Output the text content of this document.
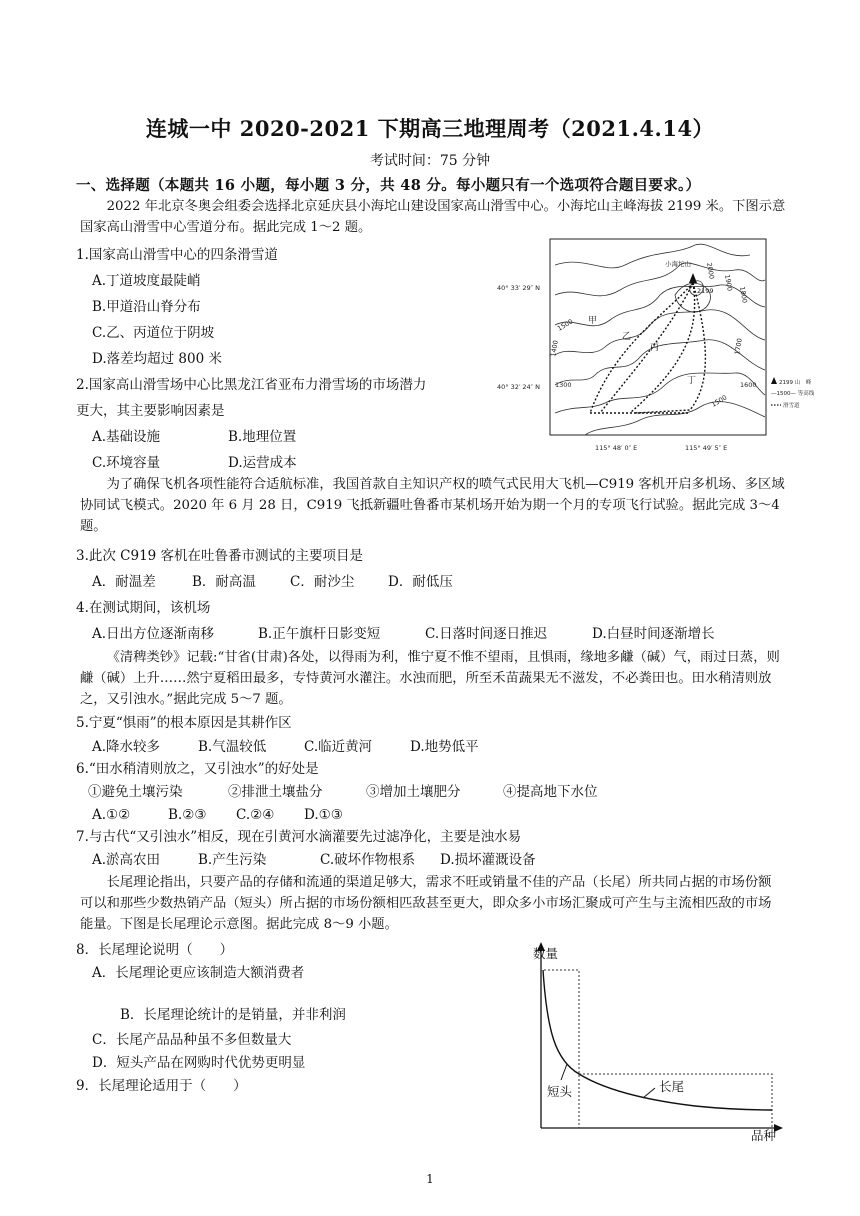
连城一中 2020-2021 下期高三地理周考（2021.4.14）
考试时间：75 分钟
一、选择题（本题共 16 小题，每小题 3 分，共 48 分。每小题只有一个选项符合题目要求。）
2022 年北京冬奥会组委会选择北京延庆县小海坨山建设国家高山滑雪中心。小海坨山主峰海拔 2199 米。下图示意国家高山滑雪中心雪道分布。据此完成 1～2 题。
1.国家高山滑雪中心的四条滑雪道
A.丁道坡度最陡峭
B.甲道沿山脊分布
C.乙、丙道位于阴坡
D.落差均超过 800 米
2.国家高山滑雪场中心比黑龙江省亚布力滑雪场的市场潜力
更大，其主要影响因素是
A.基础设施	B.地理位置
C.环境容量	D.运营成本
小海坨山
2199
40° 33′ 29″ N
40° 32′ 24″ N
115° 48′ 0″ E	115° 49′ 5″ E
2000
1900
1800
1700
1600
1500
1500
1400
1300
甲
乙
丙
丁	2199 山　峰
—1500— 等高线
滑雪道
为了确保飞机各项性能符合适航标准，我国首款自主知识产权的喷气式民用大飞机—C919 客机开启多机场、多区域协同试飞模式。2020 年 6 月 28 日，C919 飞抵新疆吐鲁番市某机场开始为期一个月的专项飞行试验。据此完成 3～4 题。
3.此次 C919 客机在吐鲁番市测试的主要项目是
A．耐温差	B．耐高温	C．耐沙尘 D．耐低压
4.在测试期间，该机场
A.日出方位逐渐南移	B.正午旗杆日影变短	C.日落时间逐日推迟	D.白昼时间逐渐增长
《清稗类钞》记载:“甘省(甘肃)各处，以得雨为利，惟宁夏不惟不望雨，且惧雨，缘地多鹻（碱）气，雨过日蒸，则鹻（碱）上升……然宁夏稻田最多，专恃黄河水灌注。水浊而肥，所至禾苗蔬果无不滋发，不必粪田也。田水稍清则放之，又引浊水。”据此完成 5～7 题。
5.宁夏“惧雨”的根本原因是其耕作区
A.降水较多	B.气温较低	C.临近黄河	D.地势低平
6.“田水稍清则放之，又引浊水”的好处是
①避免土壤污染	②排泄土壤盐分	③增加土壤肥分	④提高地下水位
A.①②	B.②③ C.②④ D.①③
7.与古代“又引浊水”相反，现在引黄河水滴灌要先过滤净化，主要是浊水易
A.淤高农田	B.产生污染	C.破坏作物根系 D.损坏灌溉设备
长尾理论指出，只要产品的存储和流通的渠道足够大，需求不旺或销量不佳的产品（长尾）所共同占据的市场份额可以和那些少数热销产品（短头）所占据的市场份额相匹敌甚至更大，即众多小市场汇聚成可产生与主流相匹敌的市场能量。下图是长尾理论示意图。据此完成 8～9 小题。
8．长尾理论说明（　　）
A．长尾理论更应该制造大额消费者
B．长尾理论统计的是销量，并非利润
C．长尾产品品种虽不多但数量大
D．短头产品在网购时代优势更明显
9．长尾理论适用于（　　）
数量
品种
短头	长尾
1
